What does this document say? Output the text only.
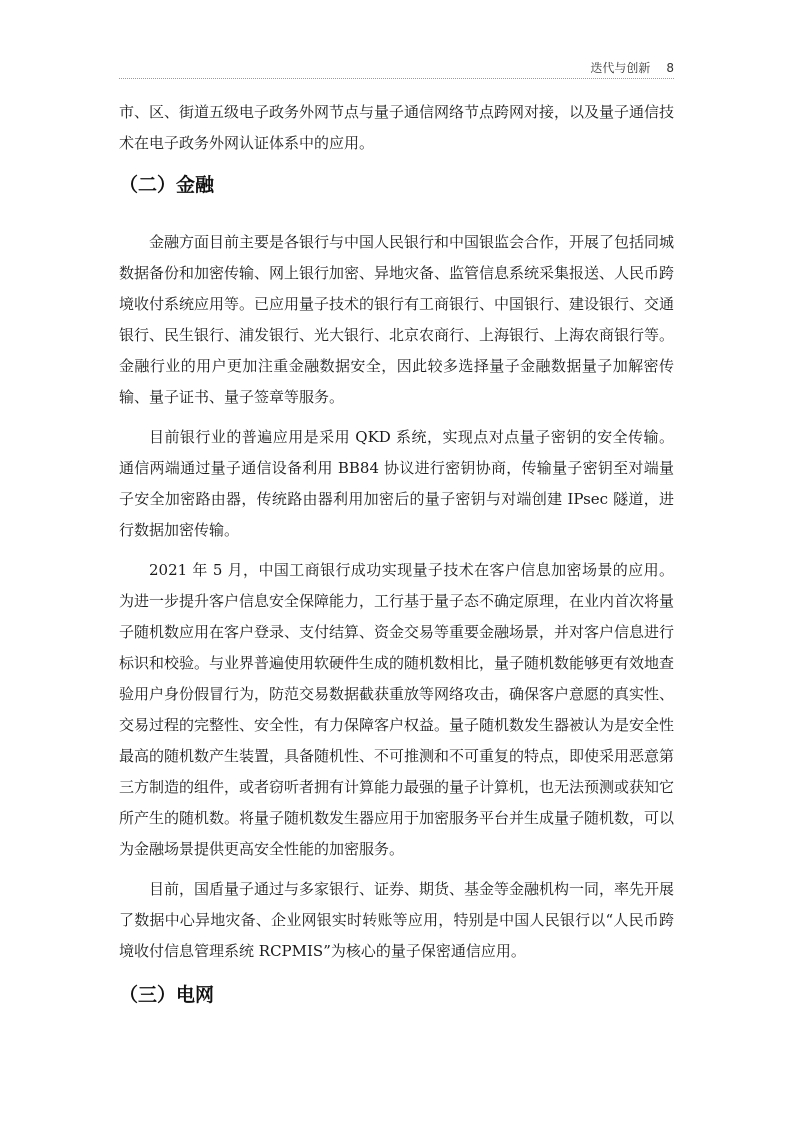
迭代与创新 8

市、区、街道五级电子政务外网节点与量子通信网络节点跨网对接，以及量子通信技术在电子政务外网认证体系中的应用。

（二）金融

金融方面目前主要是各银行与中国人民银行和中国银监会合作，开展了包括同城数据备份和加密传输、网上银行加密、异地灾备、监管信息系统采集报送、人民币跨境收付系统应用等。已应用量子技术的银行有工商银行、中国银行、建设银行、交通银行、民生银行、浦发银行、光大银行、北京农商行、上海银行、上海农商银行等。金融行业的用户更加注重金融数据安全，因此较多选择量子金融数据量子加解密传输、量子证书、量子签章等服务。

目前银行业的普遍应用是采用 QKD 系统，实现点对点量子密钥的安全传输。通信两端通过量子通信设备利用 BB84 协议进行密钥协商，传输量子密钥至对端量子安全加密路由器，传统路由器利用加密后的量子密钥与对端创建 IPsec 隧道，进行数据加密传输。

2021 年 5 月，中国工商银行成功实现量子技术在客户信息加密场景的应用。为进一步提升客户信息安全保障能力，工行基于量子态不确定原理，在业内首次将量子随机数应用在客户登录、支付结算、资金交易等重要金融场景，并对客户信息进行标识和校验。与业界普遍使用软硬件生成的随机数相比，量子随机数能够更有效地查验用户身份假冒行为，防范交易数据截获重放等网络攻击，确保客户意愿的真实性、交易过程的完整性、安全性，有力保障客户权益。量子随机数发生器被认为是安全性最高的随机数产生装置，具备随机性、不可推测和不可重复的特点，即使采用恶意第三方制造的组件，或者窃听者拥有计算能力最强的量子计算机，也无法预测或获知它所产生的随机数。将量子随机数发生器应用于加密服务平台并生成量子随机数，可以为金融场景提供更高安全性能的加密服务。

目前，国盾量子通过与多家银行、证券、期货、基金等金融机构一同，率先开展了数据中心异地灾备、企业网银实时转账等应用，特别是中国人民银行以“人民币跨境收付信息管理系统 RCPMIS”为核心的量子保密通信应用。

（三）电网
